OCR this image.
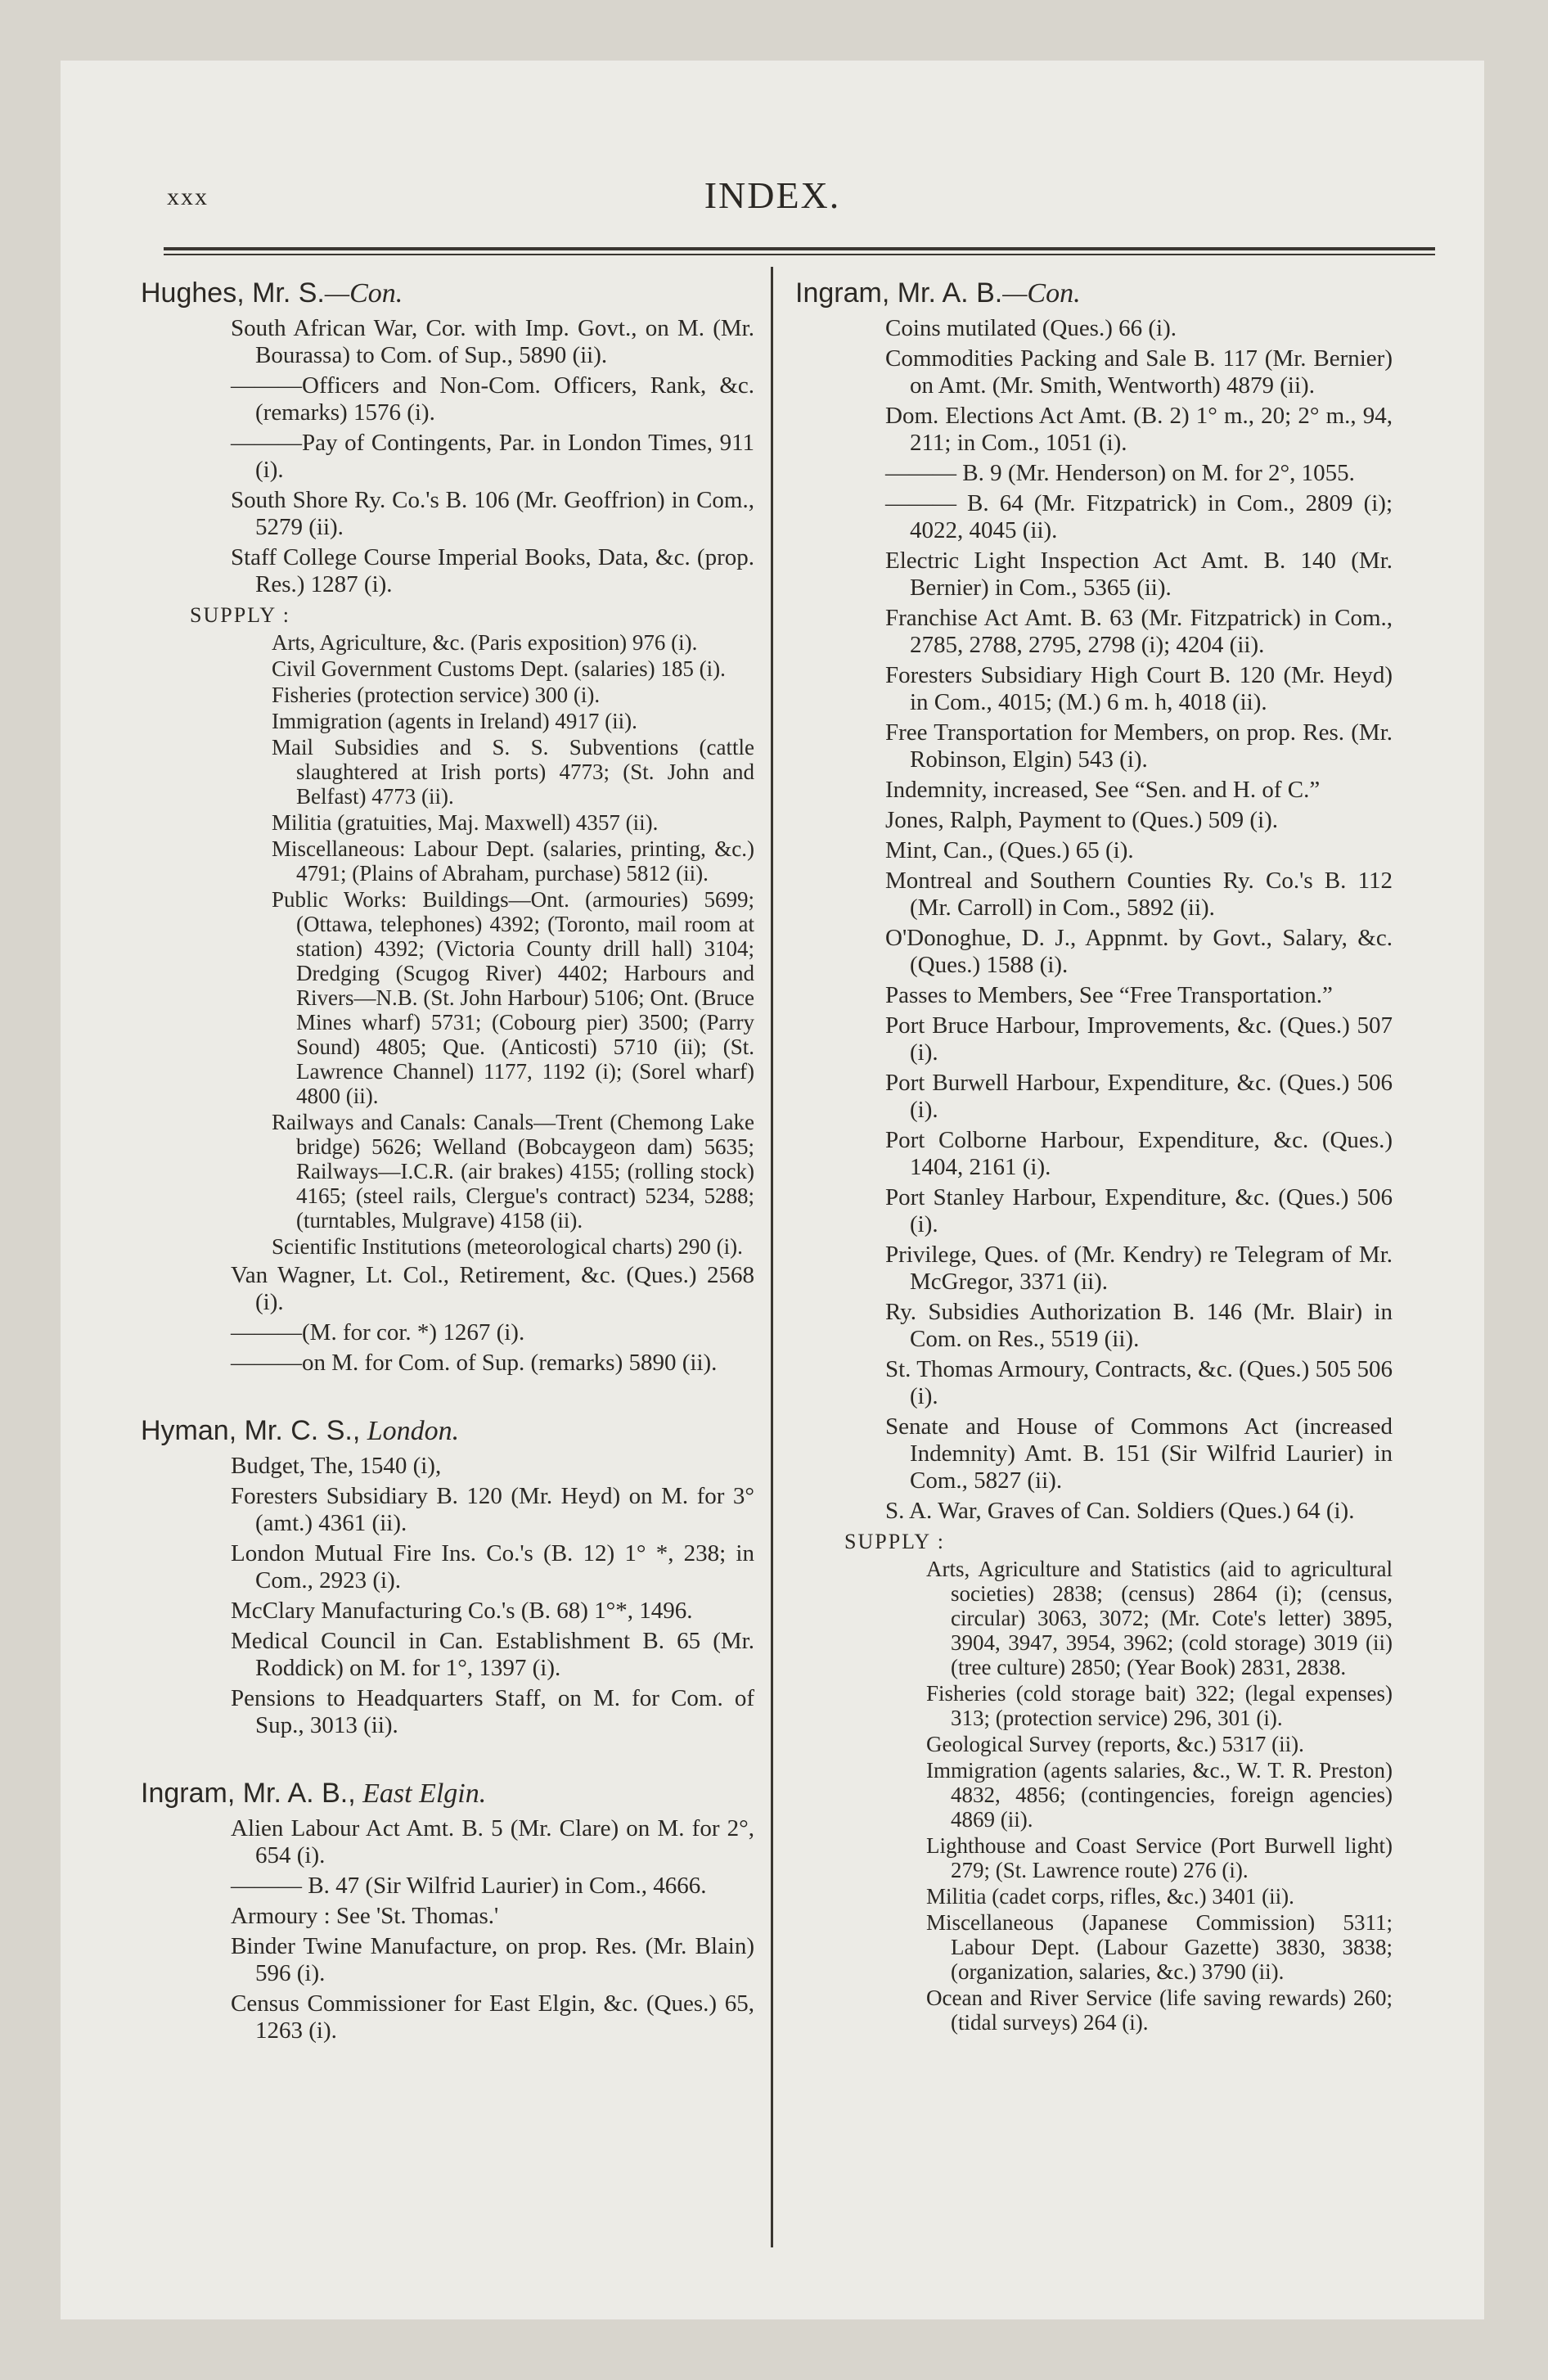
xxx	INDEX.
Hughes, Mr. S.—Con.
South African War, Cor. with Imp. Govt., on M. (Mr. Bourassa) to Com. of Sup., 5890 (ii).
———Officers and Non-Com. Officers, Rank, &c. (remarks) 1576 (i).
———Pay of Contingents, Par. in London Times, 911 (i).
South Shore Ry. Co.'s B. 106 (Mr. Geoffrion) in Com., 5279 (ii).
Staff College Course Imperial Books, Data, &c. (prop. Res.) 1287 (i).
SUPPLY :
Arts, Agriculture, &c. (Paris exposition) 976 (i).
Civil Government Customs Dept. (salaries) 185 (i).
Fisheries (protection service) 300 (i).
Immigration (agents in Ireland) 4917 (ii).
Mail Subsidies and S. S. Subventions (cattle slaughtered at Irish ports) 4773; (St. John and Belfast) 4773 (ii).
Militia (gratuities, Maj. Maxwell) 4357 (ii).
Miscellaneous: Labour Dept. (salaries, printing, &c.) 4791; (Plains of Abraham, purchase) 5812 (ii).
Public Works: Buildings—Ont. (armouries) 5699; (Ottawa, telephones) 4392; (Toronto, mail room at station) 4392; (Victoria County drill hall) 3104; Dredging (Scugog River) 4402; Harbours and Rivers—N.B. (St. John Harbour) 5106; Ont. (Bruce Mines wharf) 5731; (Cobourg pier) 3500; (Parry Sound) 4805; Que. (Anticosti) 5710 (ii); (St. Lawrence Channel) 1177, 1192 (i); (Sorel wharf) 4800 (ii).
Railways and Canals: Canals—Trent (Chemong Lake bridge) 5626; Welland (Bobcaygeon dam) 5635; Railways—I.C.R. (air brakes) 4155; (rolling stock) 4165; (steel rails, Clergue's contract) 5234, 5288; (turntables, Mulgrave) 4158 (ii).
Scientific Institutions (meteorological charts) 290 (i).
Van Wagner, Lt. Col., Retirement, &c. (Ques.) 2568 (i).
———(M. for cor. *) 1267 (i).
———on M. for Com. of Sup. (remarks) 5890 (ii).
Hyman, Mr. C. S., London.
Budget, The, 1540 (i),
Foresters Subsidiary B. 120 (Mr. Heyd) on M. for 3° (amt.) 4361 (ii).
London Mutual Fire Ins. Co.'s (B. 12) 1° *, 238; in Com., 2923 (i).
McClary Manufacturing Co.'s (B. 68) 1°*, 1496.
Medical Council in Can. Establishment B. 65 (Mr. Roddick) on M. for 1°, 1397 (i).
Pensions to Headquarters Staff, on M. for Com. of Sup., 3013 (ii).
Ingram, Mr. A. B., East Elgin.
Alien Labour Act Amt. B. 5 (Mr. Clare) on M. for 2°, 654 (i).
——— B. 47 (Sir Wilfrid Laurier) in Com., 4666.
Armoury : See 'St. Thomas.'
Binder Twine Manufacture, on prop. Res. (Mr. Blain) 596 (i).
Census Commissioner for East Elgin, &c. (Ques.) 65, 1263 (i).
Ingram, Mr. A. B.—Con.
Coins mutilated (Ques.) 66 (i).
Commodities Packing and Sale B. 117 (Mr. Bernier) on Amt. (Mr. Smith, Wentworth) 4879 (ii).
Dom. Elections Act Amt. (B. 2) 1° m., 20; 2° m., 94, 211; in Com., 1051 (i).
——— B. 9 (Mr. Henderson) on M. for 2°, 1055.
——— B. 64 (Mr. Fitzpatrick) in Com., 2809 (i); 4022, 4045 (ii).
Electric Light Inspection Act Amt. B. 140 (Mr. Bernier) in Com., 5365 (ii).
Franchise Act Amt. B. 63 (Mr. Fitzpatrick) in Com., 2785, 2788, 2795, 2798 (i); 4204 (ii).
Foresters Subsidiary High Court B. 120 (Mr. Heyd) in Com., 4015; (M.) 6 m. h, 4018 (ii).
Free Transportation for Members, on prop. Res. (Mr. Robinson, Elgin) 543 (i).
Indemnity, increased, See “Sen. and H. of C.”
Jones, Ralph, Payment to (Ques.) 509 (i).
Mint, Can., (Ques.) 65 (i).
Montreal and Southern Counties Ry. Co.'s B. 112 (Mr. Carroll) in Com., 5892 (ii).
O'Donoghue, D. J., Appnmt. by Govt., Salary, &c. (Ques.) 1588 (i).
Passes to Members, See “Free Transportation.”
Port Bruce Harbour, Improvements, &c. (Ques.) 507 (i).
Port Burwell Harbour, Expenditure, &c. (Ques.) 506 (i).
Port Colborne Harbour, Expenditure, &c. (Ques.) 1404, 2161 (i).
Port Stanley Harbour, Expenditure, &c. (Ques.) 506 (i).
Privilege, Ques. of (Mr. Kendry) re Telegram of Mr. McGregor, 3371 (ii).
Ry. Subsidies Authorization B. 146 (Mr. Blair) in Com. on Res., 5519 (ii).
St. Thomas Armoury, Contracts, &c. (Ques.) 505 506 (i).
Senate and House of Commons Act (increased Indemnity) Amt. B. 151 (Sir Wilfrid Laurier) in Com., 5827 (ii).
S. A. War, Graves of Can. Soldiers (Ques.) 64 (i).
SUPPLY :
Arts, Agriculture and Statistics (aid to agricultural societies) 2838; (census) 2864 (i); (census, circular) 3063, 3072; (Mr. Cote's letter) 3895, 3904, 3947, 3954, 3962; (cold storage) 3019 (ii) (tree culture) 2850; (Year Book) 2831, 2838.
Fisheries (cold storage bait) 322; (legal expenses) 313; (protection service) 296, 301 (i).
Geological Survey (reports, &c.) 5317 (ii).
Immigration (agents salaries, &c., W. T. R. Preston) 4832, 4856; (contingencies, foreign agencies) 4869 (ii).
Lighthouse and Coast Service (Port Burwell light) 279; (St. Lawrence route) 276 (i).
Militia (cadet corps, rifles, &c.) 3401 (ii).
Miscellaneous (Japanese Commission) 5311; Labour Dept. (Labour Gazette) 3830, 3838; (organization, salaries, &c.) 3790 (ii).
Ocean and River Service (life saving rewards) 260; (tidal surveys) 264 (i).
